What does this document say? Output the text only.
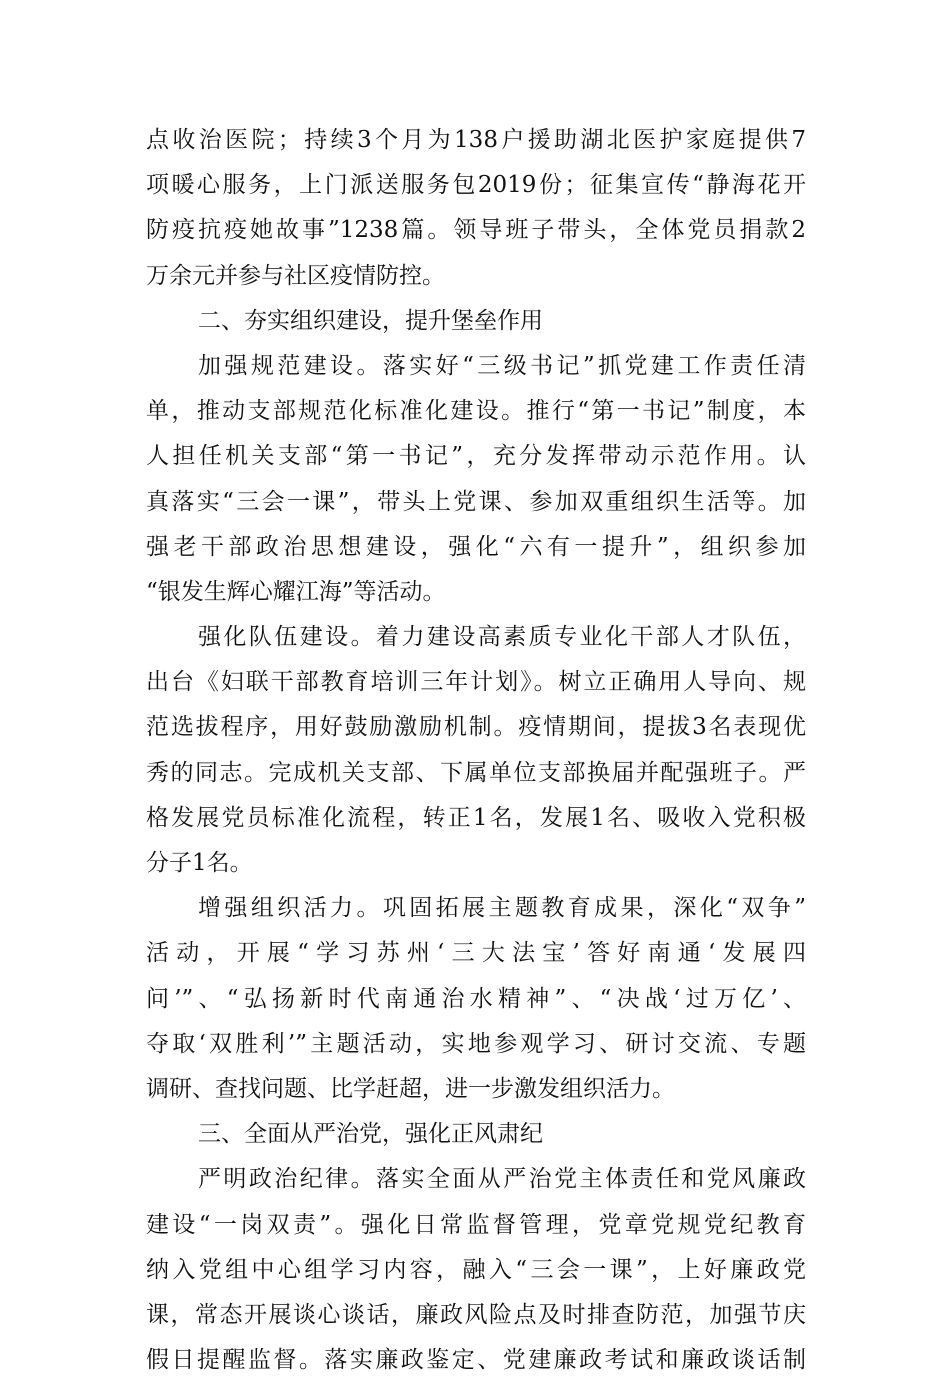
点收治医院；持续3个月为138户援助湖北医护家庭提供7
项暖心服务，上门派送服务包2019份；征集宣传“静海花开
防疫抗疫她故事”1238篇。领导班子带头，全体党员捐款2
万余元并参与社区疫情防控。
二、夯实组织建设，提升堡垒作用
加强规范建设。落实好“三级书记”抓党建工作责任清
单，推动支部规范化标准化建设。推行“第一书记”制度，本
人担任机关支部“第一书记”，充分发挥带动示范作用。认
真落实“三会一课”，带头上党课、参加双重组织生活等。加
强老干部政治思想建设，强化“六有一提升”，组织参加
“银发生辉心耀江海”等活动。
强化队伍建设。着力建设高素质专业化干部人才队伍，
出台《妇联干部教育培训三年计划》。树立正确用人导向、规
范选拔程序，用好鼓励激励机制。疫情期间，提拔3名表现优
秀的同志。完成机关支部、下属单位支部换届并配强班子。严
格发展党员标准化流程，转正1名，发展1名、吸收入党积极
分子1名。
增强组织活力。巩固拓展主题教育成果，深化“双争”
活动，开展“学习苏州‘三大法宝’答好南通‘发展四
问’”、“弘扬新时代南通治水精神”、“决战‘过万亿’、
夺取‘双胜利’”主题活动，实地参观学习、研讨交流、专题
调研、查找问题、比学赶超，进一步激发组织活力。
三、全面从严治党，强化正风肃纪
严明政治纪律。落实全面从严治党主体责任和党风廉政
建设“一岗双责”。强化日常监督管理，党章党规党纪教育
纳入党组中心组学习内容，融入“三会一课”，上好廉政党
课，常态开展谈心谈话，廉政风险点及时排查防范，加强节庆
假日提醒监督。落实廉政鉴定、党建廉政考试和廉政谈话制
